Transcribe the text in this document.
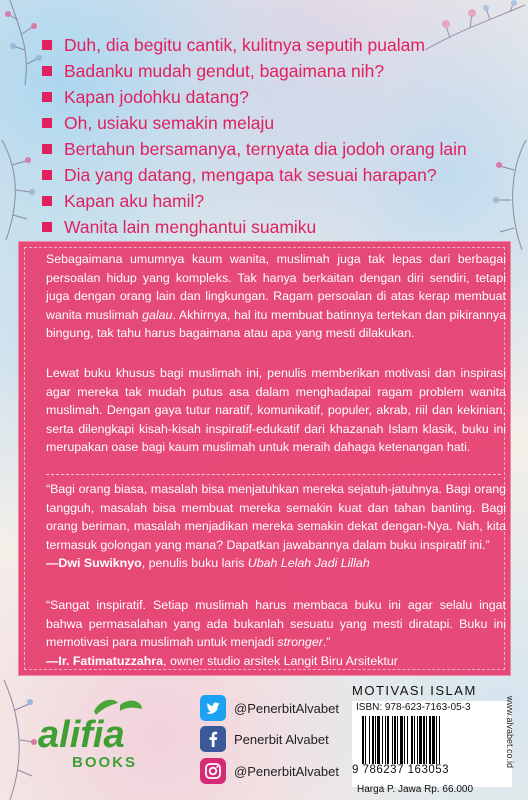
Duh, dia begitu cantik, kulitnya seputih pualam
Badanku mudah gendut, bagaimana nih?
Kapan jodohku datang?
Oh, usiaku semakin melaju
Bertahun bersamanya, ternyata dia jodoh orang lain
Dia yang datang, mengapa tak sesuai harapan?
Kapan aku hamil?
Wanita lain menghantui suamiku

Sebagaimana umumnya kaum wanita, muslimah juga tak lepas dari berbagai persoalan hidup yang kompleks. Tak hanya berkaitan dengan diri sendiri, tetapi juga dengan orang lain dan lingkungan. Ragam persoalan di atas kerap membuat wanita muslimah galau. Akhirnya, hal itu membuat batinnya tertekan dan pikirannya bingung, tak tahu harus bagaimana atau apa yang mesti dilakukan.

Lewat buku khusus bagi muslimah ini, penulis memberikan motivasi dan inspirasi agar mereka tak mudah putus asa dalam menghadapai ragam problem wanita muslimah. Dengan gaya tutur naratif, komunikatif, populer, akrab, riil dan kekinian, serta dilengkapi kisah-kisah inspiratif-edukatif dari khazanah Islam klasik, buku ini merupakan oase bagi kaum muslimah untuk meraih dahaga ketenangan hati.

“Bagi orang biasa, masalah bisa menjatuhkan mereka sejatuh-jatuhnya. Bagi orang tangguh, masalah bisa membuat mereka semakin kuat dan tahan banting. Bagi orang beriman, masalah menjadikan mereka semakin dekat dengan-Nya. Nah, kita termasuk golongan yang mana? Dapatkan jawabannya dalam buku inspiratif ini.”
—Dwi Suwiknyo, penulis buku laris Ubah Lelah Jadi Lillah

“Sangat inspiratif. Setiap muslimah harus membaca buku ini agar selalu ingat bahwa permasalahan yang ada bukanlah sesuatu yang mesti diratapi. Buku ini memotivasi para muslimah untuk menjadi stronger.”
—Ir. Fatimatuzzahra, owner studio arsitek Langit Biru Arsitektur

alifia
BOOKS
@PenerbitAlvabet
Penerbit Alvabet
@PenerbitAlvabet
MOTIVASI ISLAM
ISBN: 978-623-7163-05-3
9 786237 163053
Harga P. Jawa Rp. 66.000
www.alvabet.co.id
